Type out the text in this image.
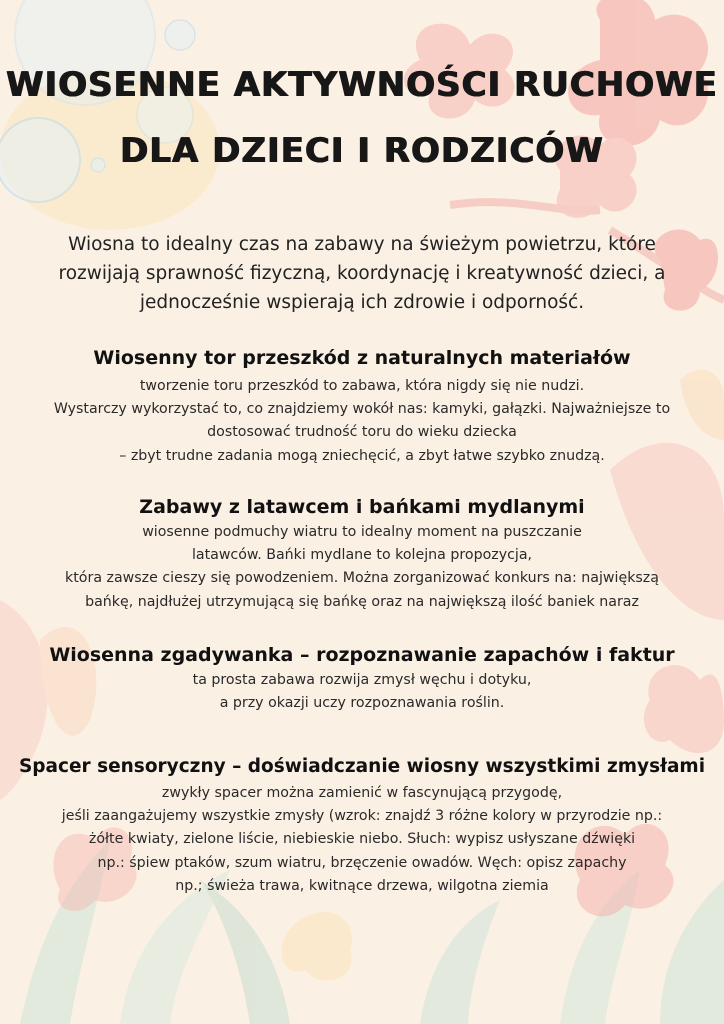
WIOSENNE AKTYWNOŚCI RUCHOWE
DLA DZIECI I RODZICÓW

Wiosna to idealny czas na zabawy na świeżym powietrzu, które
rozwijają sprawność fizyczną, koordynację i kreatywność dzieci, a
jednocześnie wspierają ich zdrowie i odporność.

Wiosenny tor przeszkód z naturalnych materiałów

tworzenie toru przeszkód to zabawa, która nigdy się nie nudzi.
Wystarczy wykorzystać to, co znajdziemy wokół nas: kamyki, gałązki. Najważniejsze to
dostosować trudność toru do wieku dziecka
– zbyt trudne zadania mogą zniechęcić, a zbyt łatwe szybko znudzą.

Zabawy z latawcem i bańkami mydlanymi

wiosenne podmuchy wiatru to idealny moment na puszczanie
latawców. Bańki mydlane to kolejna propozycja,
która zawsze cieszy się powodzeniem. Można zorganizować konkurs na: największą
bańkę, najdłużej utrzymującą się bańkę oraz na największą ilość baniek naraz

Wiosenna zgadywanka – rozpoznawanie zapachów i faktur

ta prosta zabawa rozwija zmysł węchu i dotyku,
a przy okazji uczy rozpoznawania roślin.

Spacer sensoryczny – doświadczanie wiosny wszystkimi zmysłami

zwykły spacer można zamienić w fascynującą przygodę,
jeśli zaangażujemy wszystkie zmysły (wzrok: znajdź 3 różne kolory w przyrodzie np.:
żółte kwiaty, zielone liście, niebieskie niebo. Słuch: wypisz usłyszane dźwięki
np.: śpiew ptaków, szum wiatru, brzęczenie owadów. Węch: opisz zapachy
np.; świeża trawa, kwitnące drzewa, wilgotna ziemia
